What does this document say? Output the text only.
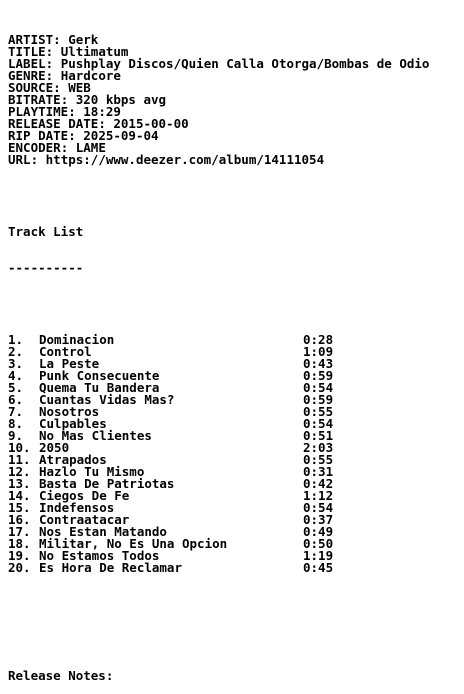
ARTIST: Gerk
TITLE: Ultimatum
LABEL: Pushplay Discos/Quien Calla Otorga/Bombas de Odio
GENRE: Hardcore
SOURCE: WEB
BITRATE: 320 kbps avg
PLAYTIME: 18:29
RELEASE DATE: 2015-00-00
RIP DATE: 2025-09-04
ENCODER: LAME
URL: https://www.deezer.com/album/14111054

Track List

----------

1. Dominacion	0:28
2. Control	1:09
3. La Peste	0:43
4. Punk Consecuente	0:59
5. Quema Tu Bandera	0:54
6. Cuantas Vidas Mas?	0:59
7. Nosotros	0:55
8. Culpables	0:54
9. No Mas Clientes	0:51
10. 2050	2:03
11. Atrapados	0:55
12. Hazlo Tu Mismo	0:31
13. Basta De Patriotas	0:42
14. Ciegos De Fe	1:12
15. Indefensos	0:54
16. Contraatacar	0:37
17. Nos Estan Matando	0:49
18. Militar, No Es Una Opcion	0:50
19. No Estamos Todos	1:19
20. Es Hora De Reclamar	0:45

Release Notes:
